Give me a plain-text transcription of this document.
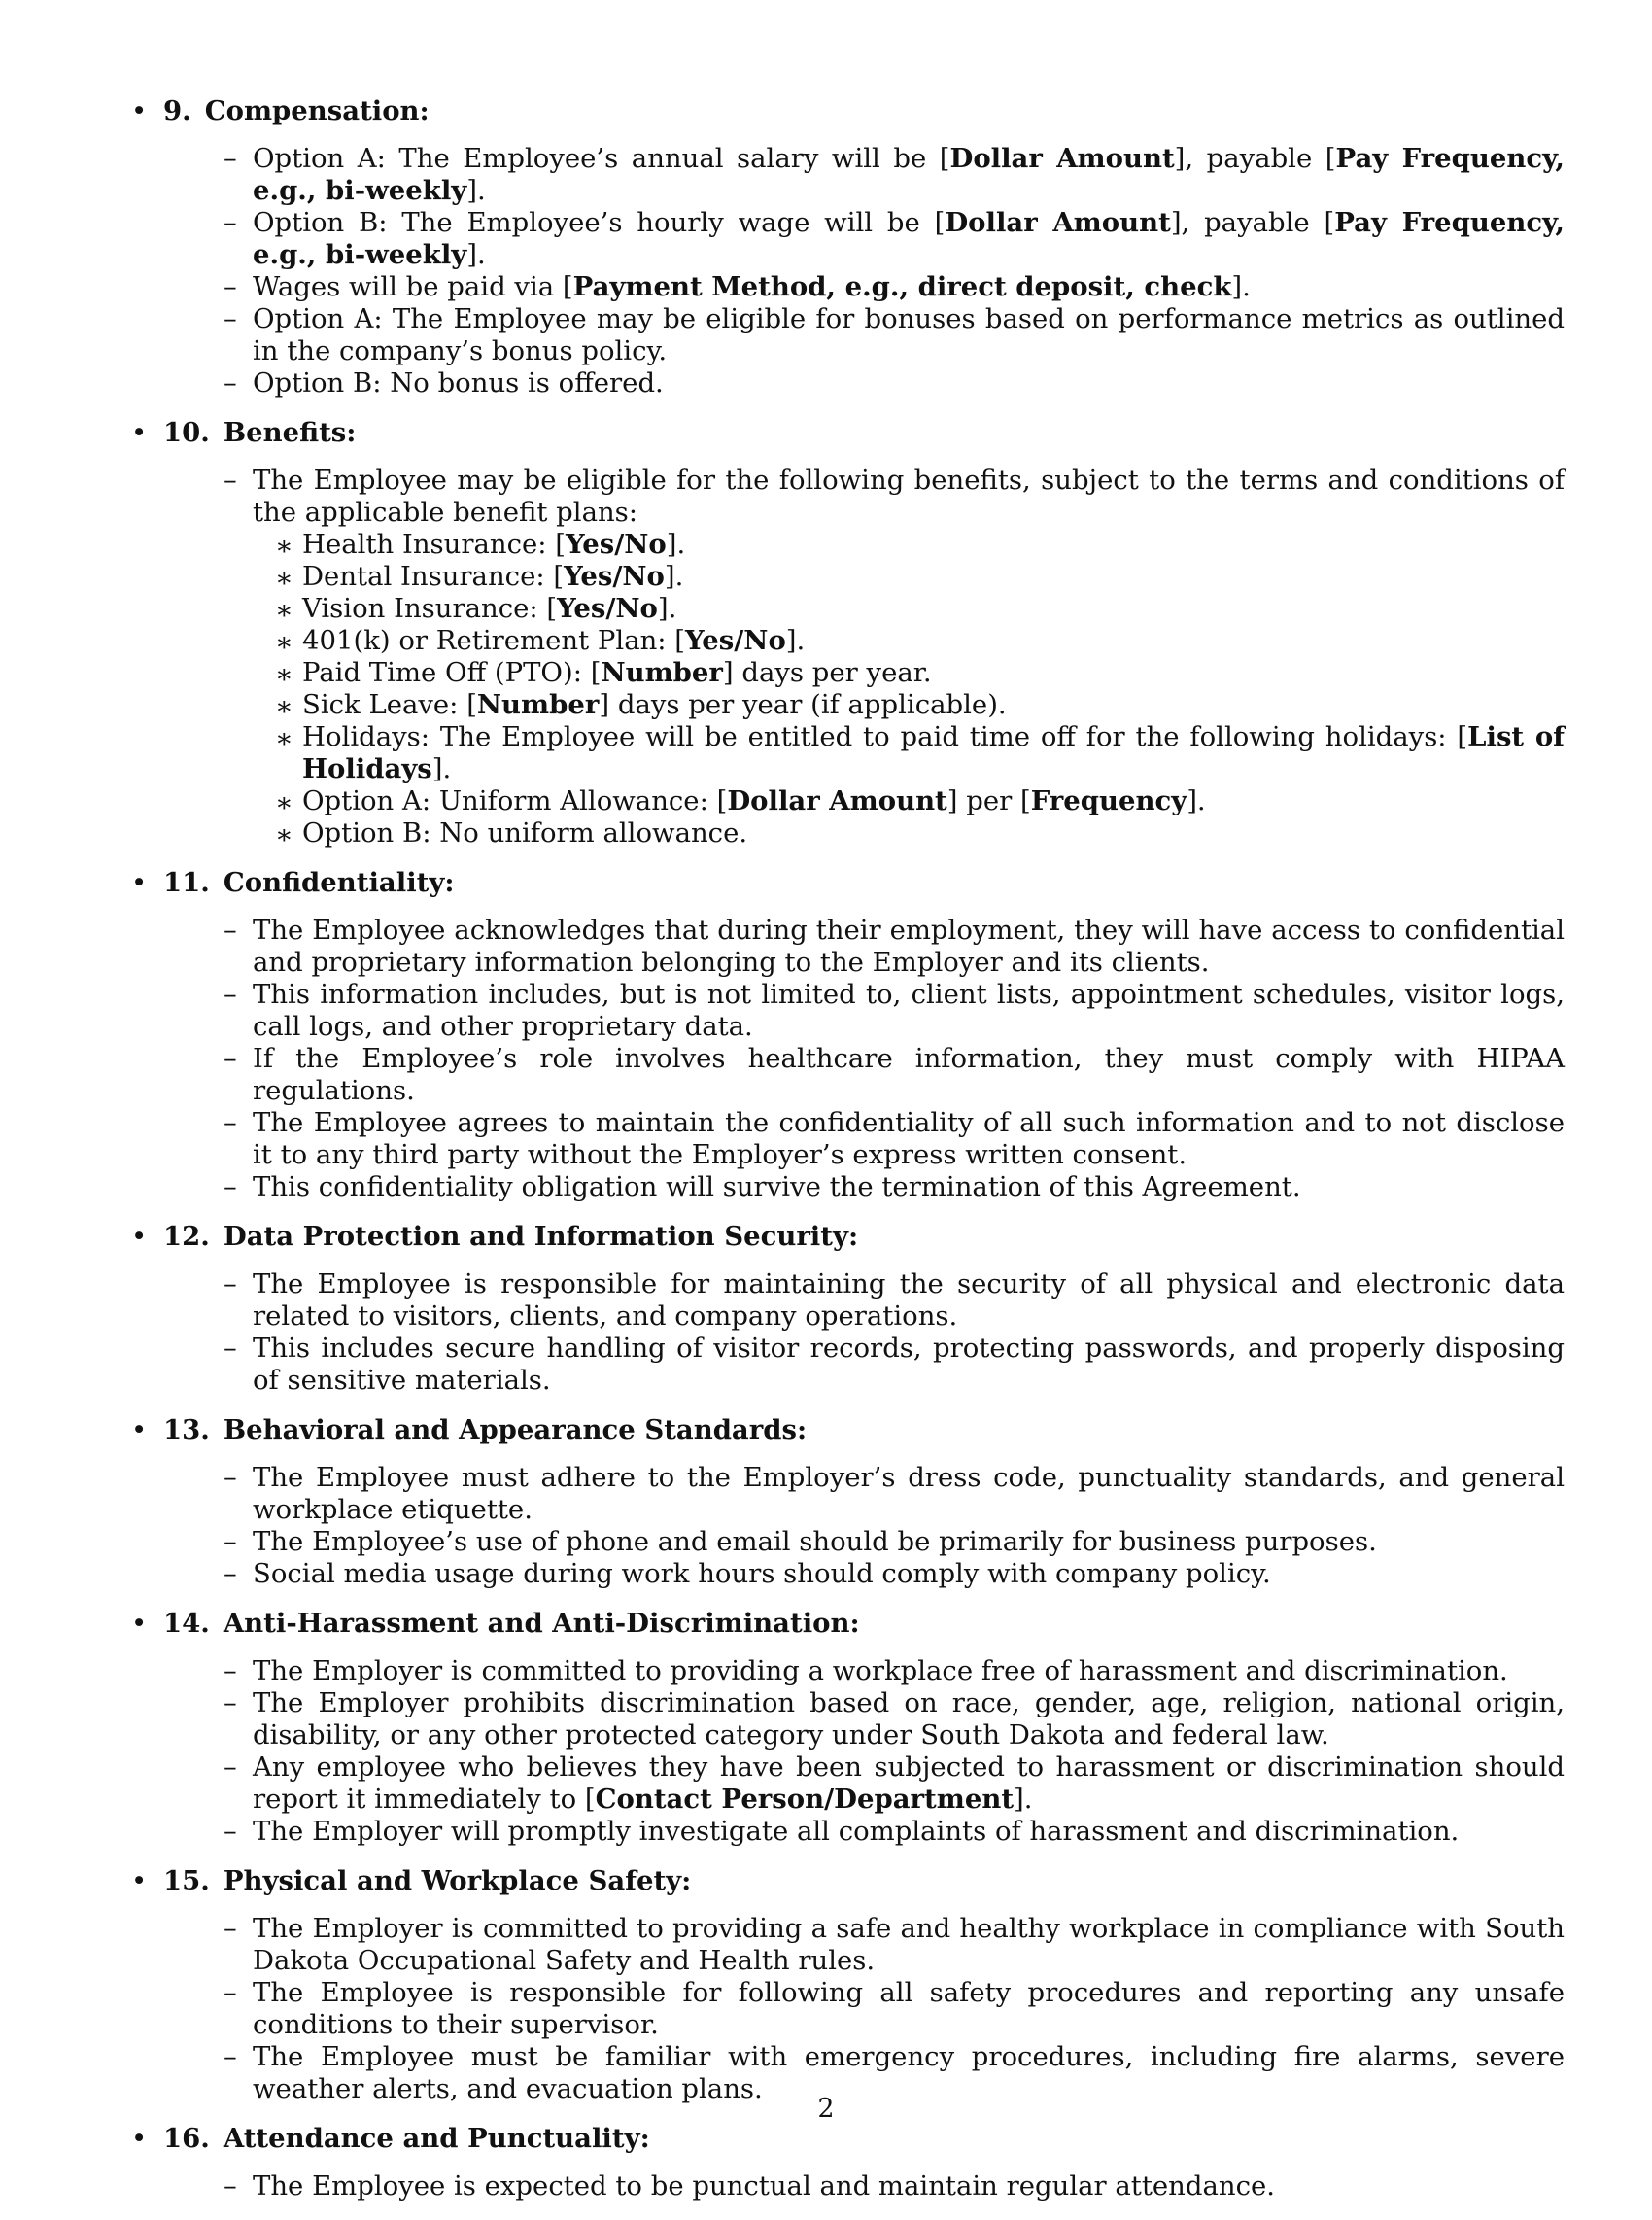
• 9. Compensation:
– Option A: The Employee’s annual salary will be [Dollar Amount], payable [Pay Frequency, e.g., bi-weekly].
– Option B: The Employee’s hourly wage will be [Dollar Amount], payable [Pay Frequency, e.g., bi-weekly].
– Wages will be paid via [Payment Method, e.g., direct deposit, check].
– Option A: The Employee may be eligible for bonuses based on performance metrics as outlined in the company’s bonus policy.
– Option B: No bonus is offered.
• 10. Benefits:
– The Employee may be eligible for the following benefits, subject to the terms and conditions of the applicable benefit plans:
∗ Health Insurance: [Yes/No].
∗ Dental Insurance: [Yes/No].
∗ Vision Insurance: [Yes/No].
∗ 401(k) or Retirement Plan: [Yes/No].
∗ Paid Time Off (PTO): [Number] days per year.
∗ Sick Leave: [Number] days per year (if applicable).
∗ Holidays: The Employee will be entitled to paid time off for the following holidays: [List of Holidays].
∗ Option A: Uniform Allowance: [Dollar Amount] per [Frequency].
∗ Option B: No uniform allowance.
• 11. Confidentiality:
– The Employee acknowledges that during their employment, they will have access to confidential and proprietary information belonging to the Employer and its clients.
– This information includes, but is not limited to, client lists, appointment schedules, visitor logs, call logs, and other proprietary data.
– If the Employee’s role involves healthcare information, they must comply with HIPAA regulations.
– The Employee agrees to maintain the confidentiality of all such information and to not disclose it to any third party without the Employer’s express written consent.
– This confidentiality obligation will survive the termination of this Agreement.
• 12. Data Protection and Information Security:
– The Employee is responsible for maintaining the security of all physical and electronic data related to visitors, clients, and company operations.
– This includes secure handling of visitor records, protecting passwords, and properly disposing of sensitive materials.
• 13. Behavioral and Appearance Standards:
– The Employee must adhere to the Employer’s dress code, punctuality standards, and general workplace etiquette.
– The Employee’s use of phone and email should be primarily for business purposes.
– Social media usage during work hours should comply with company policy.
• 14. Anti-Harassment and Anti-Discrimination:
– The Employer is committed to providing a workplace free of harassment and discrimination.
– The Employer prohibits discrimination based on race, gender, age, religion, national origin, disability, or any other protected category under South Dakota and federal law.
– Any employee who believes they have been subjected to harassment or discrimination should report it immediately to [Contact Person/Department].
– The Employer will promptly investigate all complaints of harassment and discrimination.
• 15. Physical and Workplace Safety:
– The Employer is committed to providing a safe and healthy workplace in compliance with South Dakota Occupational Safety and Health rules.
– The Employee is responsible for following all safety procedures and reporting any unsafe conditions to their supervisor.
– The Employee must be familiar with emergency procedures, including fire alarms, severe weather alerts, and evacuation plans.
• 16. Attendance and Punctuality:
– The Employee is expected to be punctual and maintain regular attendance.
2
